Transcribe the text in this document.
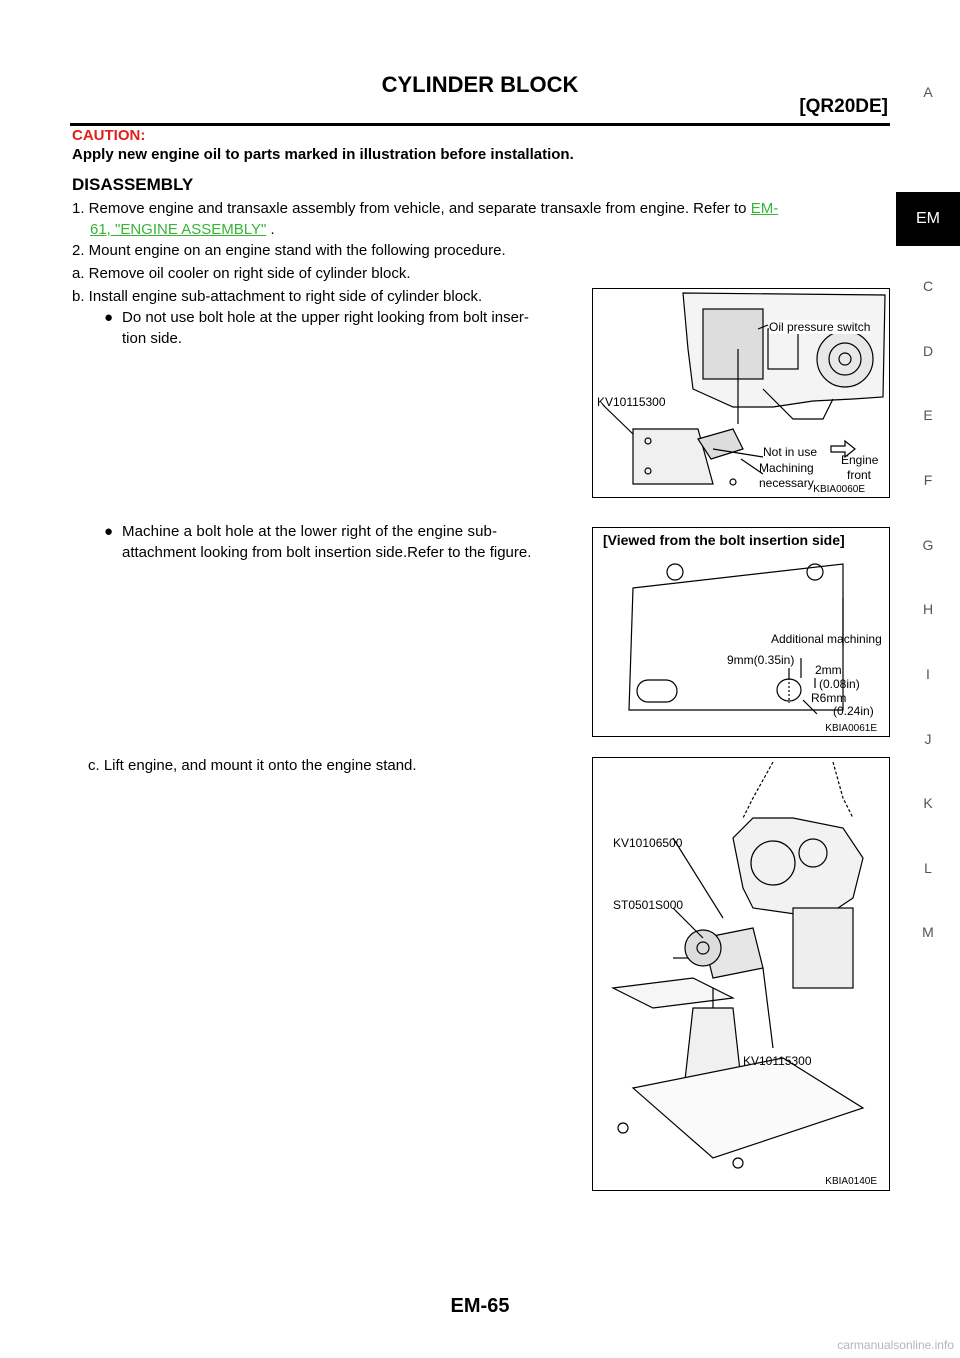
CYLINDER BLOCK
[QR20DE]
CAUTION:
Apply new engine oil to parts marked in illustration before installation.
DISASSEMBLY
1. Remove engine and transaxle assembly from vehicle, and separate transaxle from engine. Refer to EM-
61, "ENGINE ASSEMBLY" .
2. Mount engine on an engine stand with the following procedure.
a. Remove oil cooler on right side of cylinder block.
b. Install engine sub-attachment to right side of cylinder block.
● Do not use bolt hole at the upper right looking from bolt inser-
tion side.
● Machine a bolt hole at the lower right of the engine sub-
attachment looking from bolt insertion side.Refer to the figure.
c. Lift engine, and mount it onto the engine stand.
A
EM
C
D
E
F
G
H
I
J
K
L
M
Oil pressure switch
KV10115300
Not in use
Machining
necessary
Engine
front
KBIA0060E
[Viewed from the bolt insertion side]
Additional machining
9mm(0.35in)
2mm
(0.08in)
R6mm
(0.24in)
KBIA0061E
KV10106500
ST0501S000
KV10115300
KBIA0140E
EM-65
carmanualsonline.info
